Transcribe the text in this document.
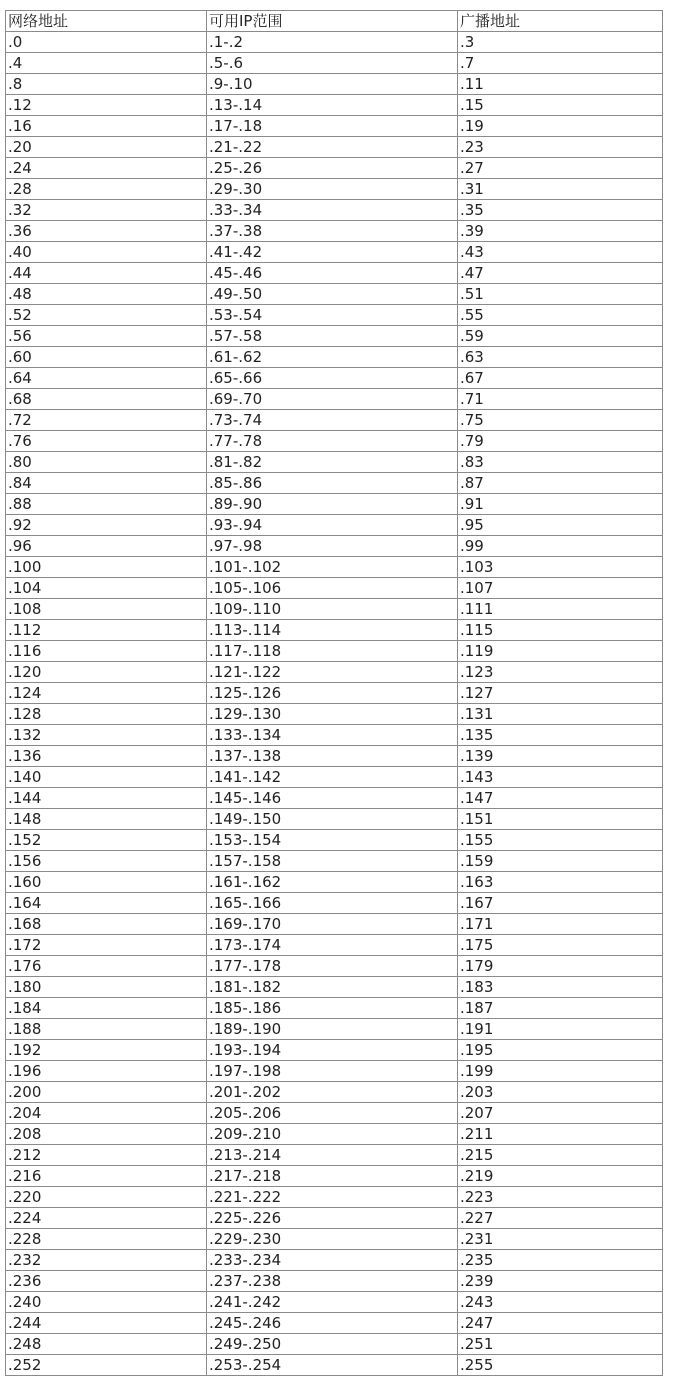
网络地址	可用IP范围	广播地址
.0	.1-.2	.3
.4	.5-.6	.7
.8	.9-.10	.11
.12	.13-.14	.15
.16	.17-.18	.19
.20	.21-.22	.23
.24	.25-.26	.27
.28	.29-.30	.31
.32	.33-.34	.35
.36	.37-.38	.39
.40	.41-.42	.43
.44	.45-.46	.47
.48	.49-.50	.51
.52	.53-.54	.55
.56	.57-.58	.59
.60	.61-.62	.63
.64	.65-.66	.67
.68	.69-.70	.71
.72	.73-.74	.75
.76	.77-.78	.79
.80	.81-.82	.83
.84	.85-.86	.87
.88	.89-.90	.91
.92	.93-.94	.95
.96	.97-.98	.99
.100	.101-.102	.103
.104	.105-.106	.107
.108	.109-.110	.111
.112	.113-.114	.115
.116	.117-.118	.119
.120	.121-.122	.123
.124	.125-.126	.127
.128	.129-.130	.131
.132	.133-.134	.135
.136	.137-.138	.139
.140	.141-.142	.143
.144	.145-.146	.147
.148	.149-.150	.151
.152	.153-.154	.155
.156	.157-.158	.159
.160	.161-.162	.163
.164	.165-.166	.167
.168	.169-.170	.171
.172	.173-.174	.175
.176	.177-.178	.179
.180	.181-.182	.183
.184	.185-.186	.187
.188	.189-.190	.191
.192	.193-.194	.195
.196	.197-.198	.199
.200	.201-.202	.203
.204	.205-.206	.207
.208	.209-.210	.211
.212	.213-.214	.215
.216	.217-.218	.219
.220	.221-.222	.223
.224	.225-.226	.227
.228	.229-.230	.231
.232	.233-.234	.235
.236	.237-.238	.239
.240	.241-.242	.243
.244	.245-.246	.247
.248	.249-.250	.251
.252	.253-.254	.255
